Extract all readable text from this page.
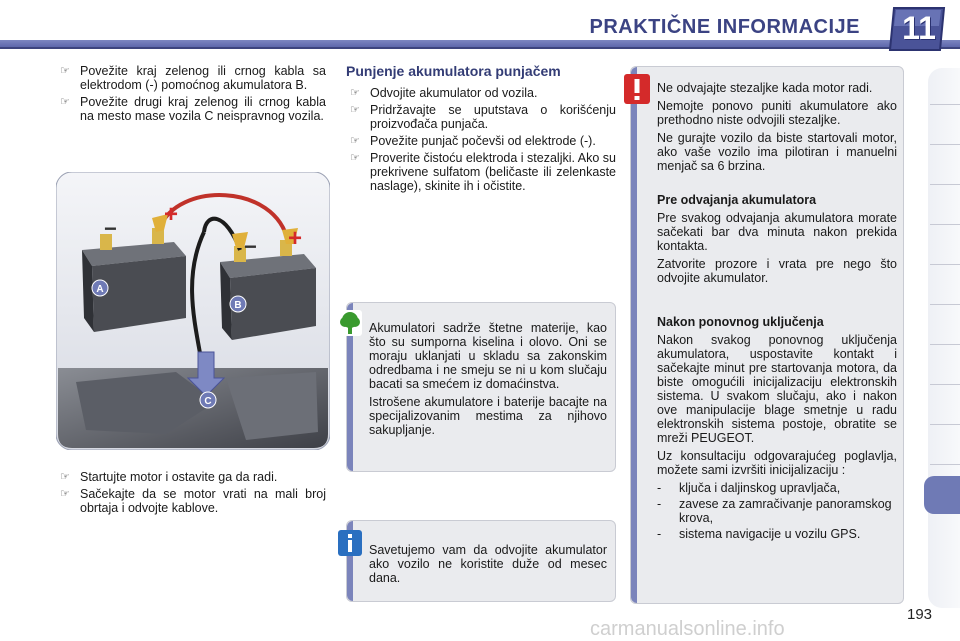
PRAKTIČNE INFORMACIJE 11
☞ Povežite kraj zelenog ili crnog kabla sa elektrodom (-) pomoćnog akumulatora B.
☞ Povežite drugi kraj zelenog ili crnog kabla na mesto mase vozila C neispravnog vozila.
−
+
− +
A
B
C
☞ Startujte motor i ostavite ga da radi.
☞ Sačekajte da se motor vrati na mali broj obrtaja i odvojte kablove.
Punjenje akumulatora punjačem
☞ Odvojite akumulator od vozila.
☞ Pridržavajte se uputstava o korišćenju proizvođača punjača.
☞ Povežite punjač počevši od elektrode (-).
☞ Proverite čistoću elektroda i stezaljki. Ako su prekrivene sulfatom (beličaste ili zelenkaste naslage), skinite ih i očistite.

Akumulatori sadrže štetne materije, kao što su sumporna kiselina i olovo. Oni se moraju uklanjati u skladu sa zakonskim odredbama i ne smeju se ni u kom slučaju bacati sa smećem iz domaćinstva.

Istrošene akumulatore i baterije bacajte na specijalizovanim mestima za njihovo sakupljanje.

Savetujemo vam da odvojite akumulator ako vozilo ne koristite duže od mesec dana.

Ne odvajajte stezaljke kada motor radi.

Nemojte ponovo puniti akumulatore ako prethodno niste odvojili stezaljke.

Ne gurajte vozilo da biste startovali motor, ako vaše vozilo ima pilotiran i manuelni menjač sa 6 brzina.

Pre odvajanja akumulatora

Pre svakog odvajanja akumulatora morate sačekati bar dva minuta nakon prekida kontakta.

Zatvorite prozore i vrata pre nego što odvojite akumulator.

Nakon ponovnog uključenja

Nakon svakog ponovnog uključenja akumulatora, uspostavite kontakt i sačekajte minut pre startovanja motora, da biste omogućili inicijalizaciju elektronskih sistema. U svakom slučaju, ako i nakon ove manipulacije blage smetnje u radu elektronskih sistema postoje, obratite se mreži PEUGEOT.

Uz konsultaciju odgovarajućeg poglavlja, možete sami izvršiti inicijalizaciju :

- ključa i daljinskog upravljača,
- zavese za zamračivanje panoramskog krova,
- sistema navigacije u vozilu GPS.
carmanualsonline.info
193
